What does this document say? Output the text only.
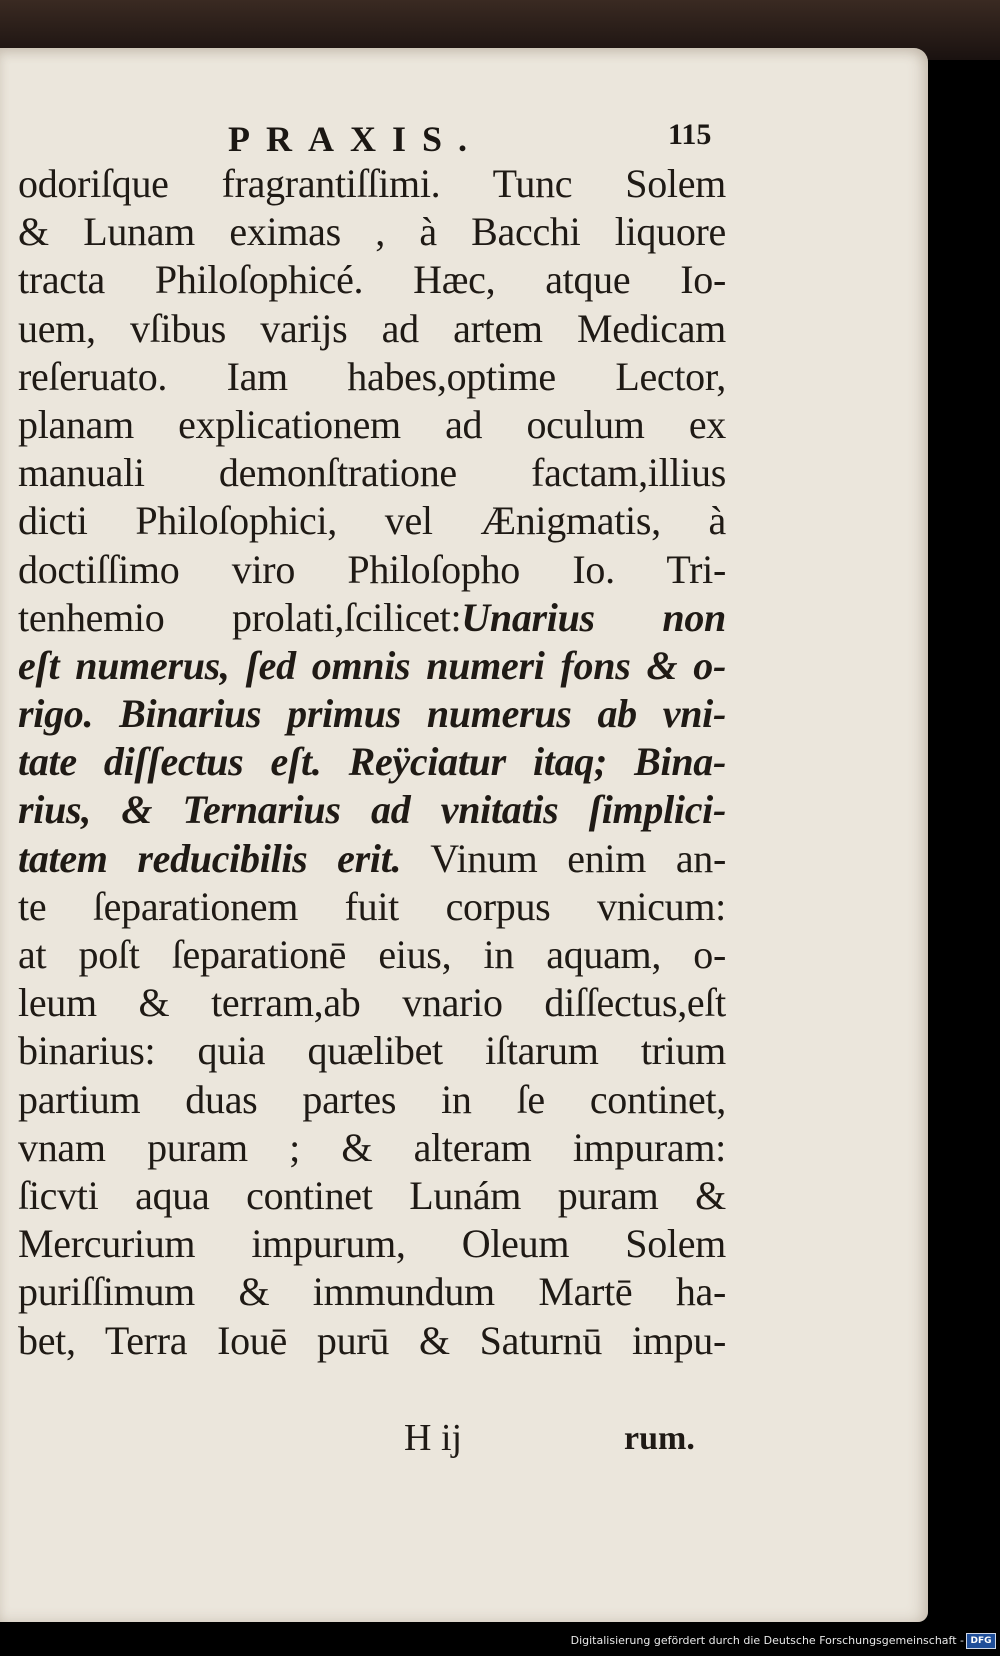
PRAXIS.	115
odoriſque fragrantiſſimi. Tunc Solem
& Lunam eximas , à Bacchi liquore
tracta Philoſophicé. Hæc, atque Io-
uem, vſibus varijs ad artem Medicam
reſeruato. Iam habes,optime Lector,
planam explicationem ad oculum ex
manuali demonſtratione factam,illius
dicti Philoſophici, vel Ænigmatis, à
doctiſſimo viro Philoſopho Io. Tri-
tenhemio prolati,ſcilicet:Unarius non
eſt numerus, ſed omnis numeri fons & o-
rigo. Binarius primus numerus ab vni-
tate diſſectus eſt. Reÿciatur itaq; Bina-
rius, & Ternarius ad vnitatis ſimplici-
tatem reducibilis erit. Vinum enim an-
te ſeparationem fuit corpus vnicum:
at poſt ſeparationē eius, in aquam, o-
leum & terram,ab vnario diſſectus,eſt
binarius: quia quælibet iſtarum trium
partium duas partes in ſe continet,
vnam puram ; & alteram impuram:
ſicvti aqua continet Lunám puram &
Mercurium impurum, Oleum Solem
puriſſimum & immundum Martē ha-
bet, Terra Iouē purū & Saturnū impu-
H ij	rum.
Digitalisierung gefördert durch die Deutsche Forschungsgemeinschaft - DFG
